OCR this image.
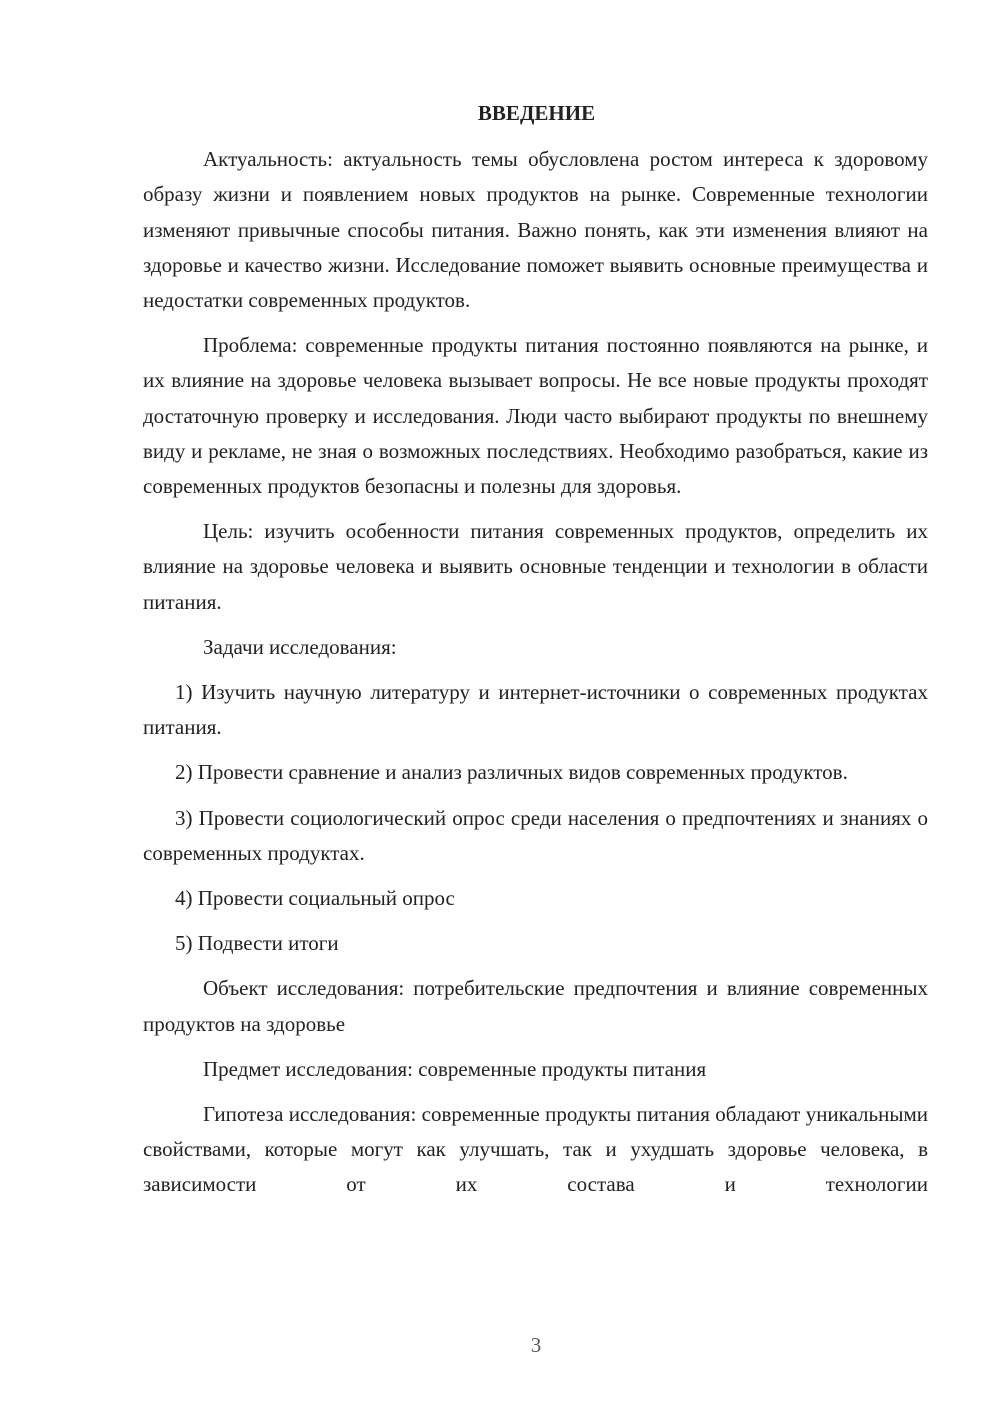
ВВЕДЕНИЕ

Актуальность: актуальность темы обусловлена ростом интереса к здоровому образу жизни и появлением новых продуктов на рынке. Современные технологии изменяют привычные способы питания. Важно понять, как эти изменения влияют на здоровье и качество жизни. Исследование поможет выявить основные преимущества и недостатки современных продуктов.

Проблема: современные продукты питания постоянно появляются на рынке, и их влияние на здоровье человека вызывает вопросы. Не все новые продукты проходят достаточную проверку и исследования. Люди часто выбирают продукты по внешнему виду и рекламе, не зная о возможных последствиях. Необходимо разобраться, какие из современных продуктов безопасны и полезны для здоровья.

Цель: изучить особенности питания современных продуктов, определить их влияние на здоровье человека и выявить основные тенденции и технологии в области питания.

Задачи исследования:

1) Изучить научную литературу и интернет-источники о современных продуктах питания.

2) Провести сравнение и анализ различных видов современных продуктов.

3) Провести социологический опрос среди населения о предпочтениях и знаниях о современных продуктах.

4) Провести социальный опрос

5) Подвести итоги

Объект исследования: потребительские предпочтения и влияние современных продуктов на здоровье

Предмет исследования: современные продукты питания

Гипотеза исследования: современные продукты питания обладают уникальными свойствами, которые могут как улучшать, так и ухудшать здоровье человека, в зависимости от их состава и технологии

3
